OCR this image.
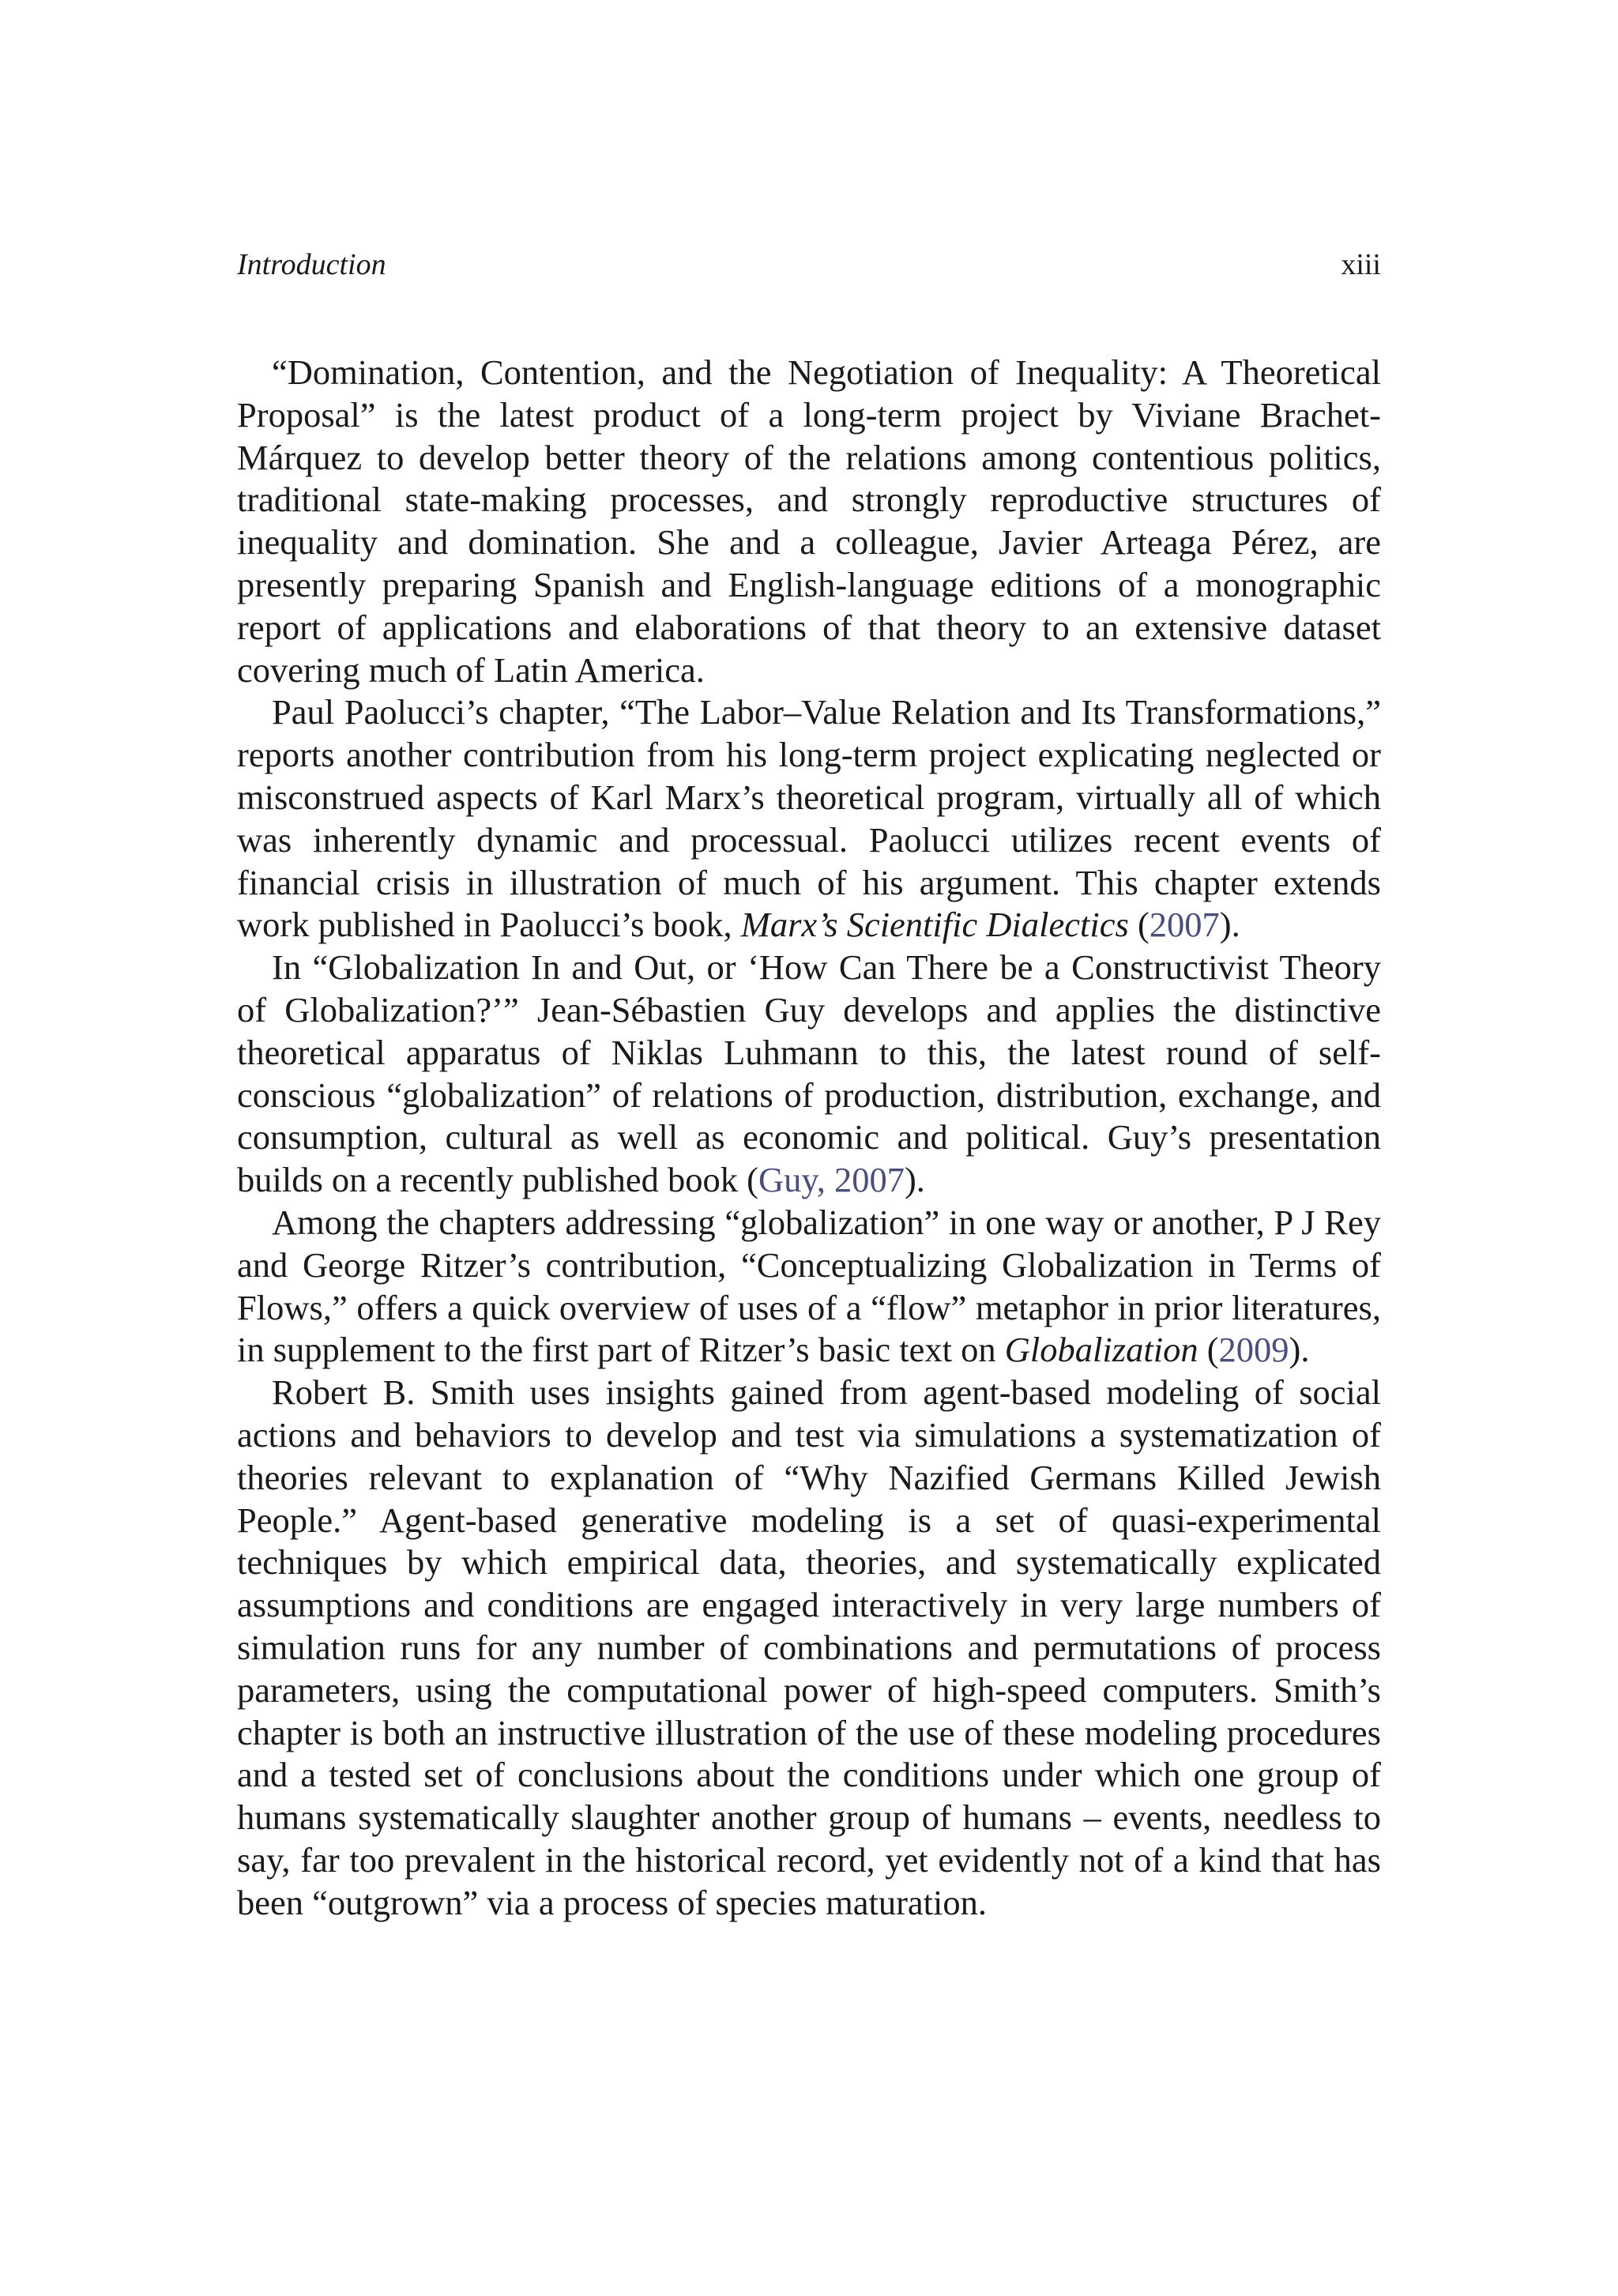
Introduction	xiii

“Domination, Contention, and the Negotiation of Inequality: A Theoretical Proposal” is the latest product of a long-term project by Viviane Brachet-Márquez to develop better theory of the relations among contentious politics, traditional state-making processes, and strongly reproductive structures of inequality and domination. She and a colleague, Javier Arteaga Pérez, are presently preparing Spanish and English-language editions of a monographic report of applications and elaborations of that theory to an extensive dataset covering much of Latin America.

Paul Paolucci’s chapter, “The Labor–Value Relation and Its Transformations,” reports another contribution from his long-term project explicating neglected or misconstrued aspects of Karl Marx’s theoretical program, virtually all of which was inherently dynamic and processual. Paolucci utilizes recent events of financial crisis in illustration of much of his argument. This chapter extends work published in Paolucci’s book, Marx’s Scientific Dialectics (2007).

In “Globalization In and Out, or ‘How Can There be a Constructivist Theory of Globalization?’” Jean-Sébastien Guy develops and applies the distinctive theoretical apparatus of Niklas Luhmann to this, the latest round of self-conscious “globalization” of relations of production, distribution, exchange, and consumption, cultural as well as economic and political. Guy’s presentation builds on a recently published book (Guy, 2007).

Among the chapters addressing “globalization” in one way or another, P J Rey and George Ritzer’s contribution, “Conceptualizing Globalization in Terms of Flows,” offers a quick overview of uses of a “flow” metaphor in prior literatures, in supplement to the first part of Ritzer’s basic text on Globalization (2009).

Robert B. Smith uses insights gained from agent-based modeling of social actions and behaviors to develop and test via simulations a systematization of theories relevant to explanation of “Why Nazified Germans Killed Jewish People.” Agent-based generative modeling is a set of quasi-experimental techniques by which empirical data, theories, and systematically explicated assumptions and conditions are engaged interactively in very large numbers of simulation runs for any number of combinations and permutations of process parameters, using the computational power of high-speed computers. Smith’s chapter is both an instructive illustration of the use of these modeling procedures and a tested set of conclusions about the conditions under which one group of humans systematically slaughter another group of humans – events, needless to say, far too prevalent in the historical record, yet evidently not of a kind that has been “outgrown” via a process of species maturation.
